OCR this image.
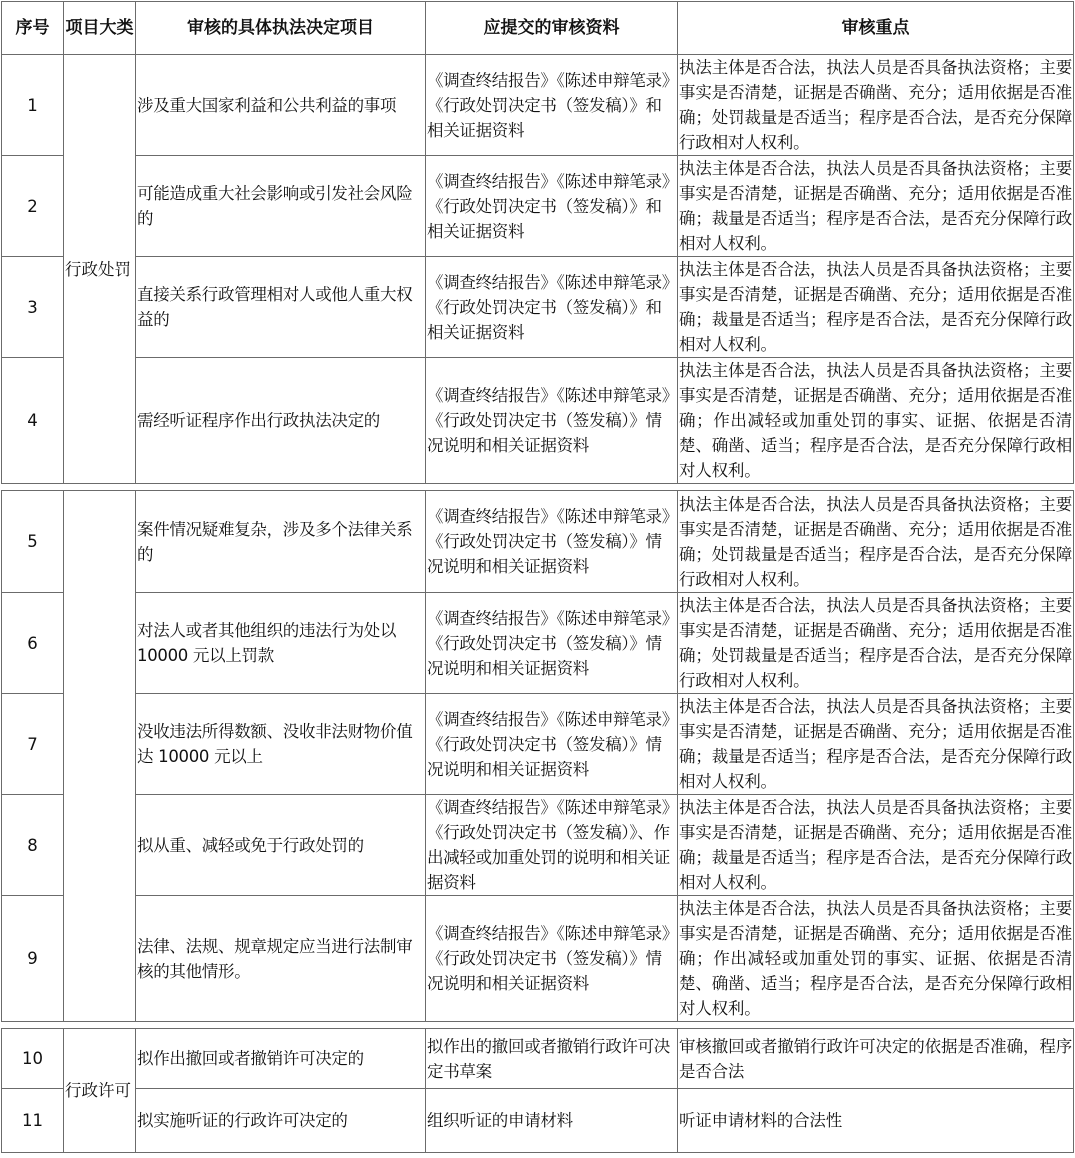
序号	项目大类	审核的具体执法决定项目	应提交的审核资料	审核重点
1	行政处罚	涉及重大国家利益和公共利益的事项	《调查终结报告》《陈述申辩笔录》《行政处罚决定书（签发稿）》和相关证据资料	执法主体是否合法，执法人员是否具备执法资格；主要事实是否清楚，证据是否确凿、充分；适用依据是否准确；处罚裁量是否适当；程序是否合法，是否充分保障行政相对人权利。
2		可能造成重大社会影响或引发社会风险的	《调查终结报告》《陈述申辩笔录》《行政处罚决定书（签发稿）》和相关证据资料	执法主体是否合法，执法人员是否具备执法资格；主要事实是否清楚，证据是否确凿、充分；适用依据是否准确；裁量是否适当；程序是否合法，是否充分保障行政相对人权利。
3		直接关系行政管理相对人或他人重大权益的	《调查终结报告》《陈述申辩笔录》《行政处罚决定书（签发稿）》和相关证据资料	执法主体是否合法，执法人员是否具备执法资格；主要事实是否清楚，证据是否确凿、充分；适用依据是否准确；裁量是否适当；程序是否合法，是否充分保障行政相对人权利。
4		需经听证程序作出行政执法决定的	《调查终结报告》《陈述申辩笔录》《行政处罚决定书（签发稿）》情况说明和相关证据资料	执法主体是否合法，执法人员是否具备执法资格；主要事实是否清楚，证据是否确凿、充分；适用依据是否准确；作出减轻或加重处罚的事实、证据、依据是否清楚、确凿、适当；程序是否合法，是否充分保障行政相对人权利。
5		案件情况疑难复杂，涉及多个法律关系的	《调查终结报告》《陈述申辩笔录》《行政处罚决定书（签发稿）》情况说明和相关证据资料	执法主体是否合法，执法人员是否具备执法资格；主要事实是否清楚，证据是否确凿、充分；适用依据是否准确；处罚裁量是否适当；程序是否合法，是否充分保障行政相对人权利。
6		对法人或者其他组织的违法行为处以10000 元以上罚款	《调查终结报告》《陈述申辩笔录》《行政处罚决定书（签发稿）》情况说明和相关证据资料	执法主体是否合法，执法人员是否具备执法资格；主要事实是否清楚，证据是否确凿、充分；适用依据是否准确；处罚裁量是否适当；程序是否合法，是否充分保障行政相对人权利。
7		没收违法所得数额、没收非法财物价值达 10000 元以上	《调查终结报告》《陈述申辩笔录》《行政处罚决定书（签发稿）》情况说明和相关证据资料	执法主体是否合法，执法人员是否具备执法资格；主要事实是否清楚，证据是否确凿、充分；适用依据是否准确；裁量是否适当；程序是否合法，是否充分保障行政相对人权利。
8		拟从重、减轻或免于行政处罚的	《调查终结报告》《陈述申辩笔录》《行政处罚决定书（签发稿）》、作出减轻或加重处罚的说明和相关证据资料	执法主体是否合法，执法人员是否具备执法资格；主要事实是否清楚，证据是否确凿、充分；适用依据是否准确；裁量是否适当；程序是否合法，是否充分保障行政相对人权利。
9		法律、法规、规章规定应当进行法制审核的其他情形。	《调查终结报告》《陈述申辩笔录》《行政处罚决定书（签发稿）》情况说明和相关证据资料	执法主体是否合法，执法人员是否具备执法资格；主要事实是否清楚，证据是否确凿、充分；适用依据是否准确；作出减轻或加重处罚的事实、证据、依据是否清楚、确凿、适当；程序是否合法，是否充分保障行政相对人权利。
10	行政许可	拟作出撤回或者撤销许可决定的	拟作出的撤回或者撤销行政许可决定书草案	审核撤回或者撤销行政许可决定的依据是否准确，程序是否合法
11		拟实施听证的行政许可决定的	组织听证的申请材料	听证申请材料的合法性
